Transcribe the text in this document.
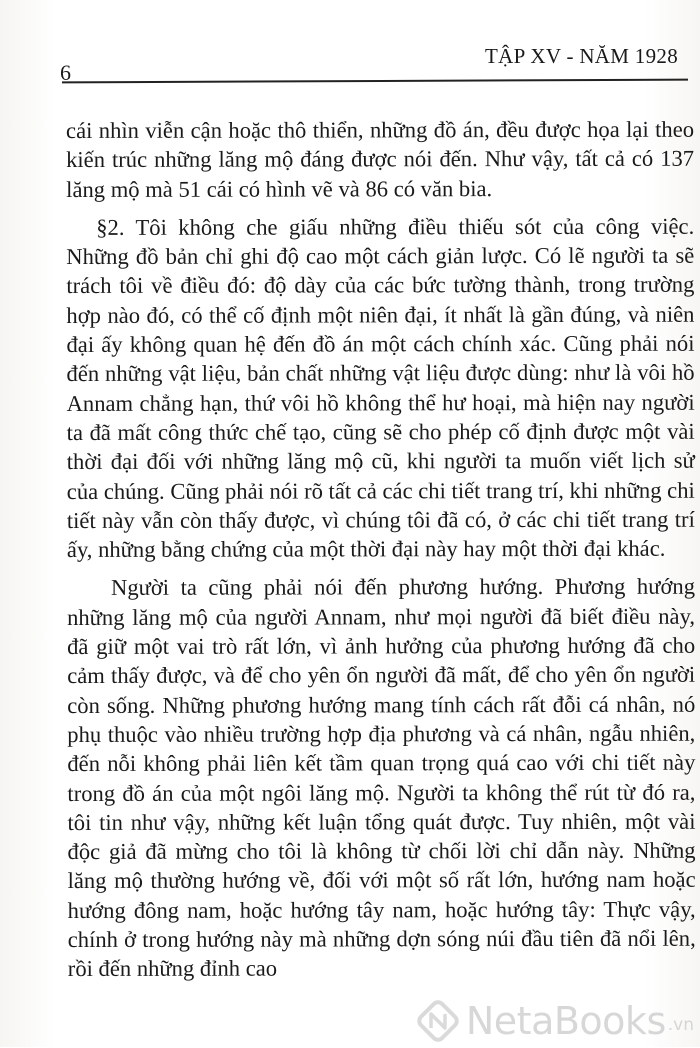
6
TẬP XV - NĂM 1928

cái nhìn viễn cận hoặc thô thiển, những đồ án, đều được họa lại theo kiến trúc những lăng mộ đáng được nói đến. Như vậy, tất cả có 137 lăng mộ mà 51 cái có hình vẽ và 86 có văn bia.

§2. Tôi không che giấu những điều thiếu sót của công việc. Những đồ bản chỉ ghi độ cao một cách giản lược. Có lẽ người ta sẽ trách tôi về điều đó: độ dày của các bức tường thành, trong trường hợp nào đó, có thể cố định một niên đại, ít nhất là gần đúng, và niên đại ấy không quan hệ đến đồ án một cách chính xác. Cũng phải nói đến những vật liệu, bản chất những vật liệu được dùng: như là vôi hồ Annam chẳng hạn, thứ vôi hồ không thể hư hoại, mà hiện nay người ta đã mất công thức chế tạo, cũng sẽ cho phép cố định được một vài thời đại đối với những lăng mộ cũ, khi người ta muốn viết lịch sử của chúng. Cũng phải nói rõ tất cả các chi tiết trang trí, khi những chi tiết này vẫn còn thấy được, vì chúng tôi đã có, ở các chi tiết trang trí ấy, những bằng chứng của một thời đại này hay một thời đại khác.

Người ta cũng phải nói đến phương hướng. Phương hướng những lăng mộ của người Annam, như mọi người đã biết điều này, đã giữ một vai trò rất lớn, vì ảnh hưởng của phương hướng đã cho cảm thấy được, và để cho yên ổn người đã mất, để cho yên ổn người còn sống. Những phương hướng mang tính cách rất đỗi cá nhân, nó phụ thuộc vào nhiều trường hợp địa phương và cá nhân, ngẫu nhiên, đến nỗi không phải liên kết tầm quan trọng quá cao với chi tiết này trong đồ án của một ngôi lăng mộ. Người ta không thể rút từ đó ra, tôi tin như vậy, những kết luận tổng quát được. Tuy nhiên, một vài độc giả đã mừng cho tôi là không từ chối lời chỉ dẫn này. Những lăng mộ thường hướng về, đối với một số rất lớn, hướng nam hoặc hướng đông nam, hoặc hướng tây nam, hoặc hướng tây: Thực vậy, chính ở trong hướng này mà những dợn sóng núi đầu tiên đã nổi lên, rồi đến những đỉnh cao

NetaBooks .vn
